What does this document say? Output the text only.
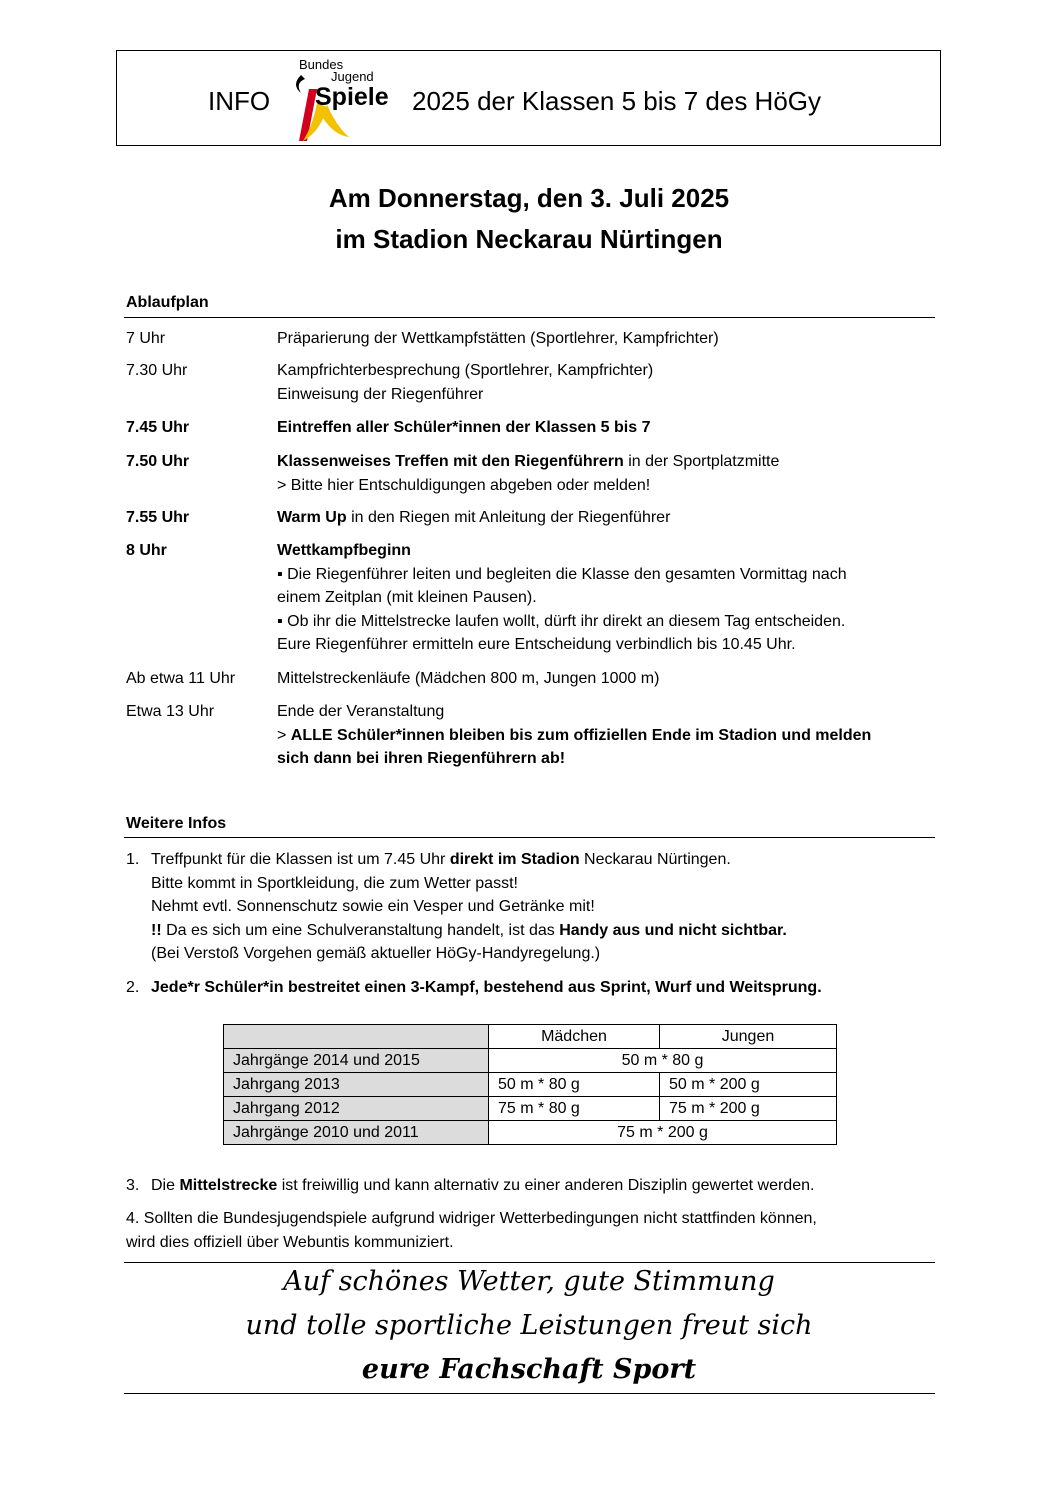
INFO
Bundes
Jugend
Spiele 2025 der Klassen 5 bis 7 des HöGy
Am Donnerstag, den 3. Juli 2025
im Stadion Neckarau Nürtingen
Ablaufplan
7 Uhr	Präparierung der Wettkampfstätten (Sportlehrer, Kampfrichter)
7.30 Uhr	Kampfrichterbesprechung (Sportlehrer, Kampfrichter)
Einweisung der Riegenführer
7.45 Uhr	Eintreffen aller Schüler*innen der Klassen 5 bis 7
7.50 Uhr	Klassenweises Treffen mit den Riegenführern in der Sportplatzmitte
> Bitte hier Entschuldigungen abgeben oder melden!
7.55 Uhr	Warm Up in den Riegen mit Anleitung der Riegenführer
8 Uhr	Wettkampfbeginn
▪ Die Riegenführer leiten und begleiten die Klasse den gesamten Vormittag nach
einem Zeitplan (mit kleinen Pausen).
▪ Ob ihr die Mittelstrecke laufen wollt, dürft ihr direkt an diesem Tag entscheiden.
Eure Riegenführer ermitteln eure Entscheidung verbindlich bis 10.45 Uhr.
Ab etwa 11 Uhr	Mittelstreckenläufe (Mädchen 800 m, Jungen 1000 m)
Etwa 13 Uhr	Ende der Veranstaltung
> ALLE Schüler*innen bleiben bis zum offiziellen Ende im Stadion und melden
sich dann bei ihren Riegenführern ab!
Weitere Infos
1. Treffpunkt für die Klassen ist um 7.45 Uhr direkt im Stadion Neckarau Nürtingen.
Bitte kommt in Sportkleidung, die zum Wetter passt!
Nehmt evtl. Sonnenschutz sowie ein Vesper und Getränke mit!
!! Da es sich um eine Schulveranstaltung handelt, ist das Handy aus und nicht sichtbar.
(Bei Verstoß Vorgehen gemäß aktueller HöGy-Handyregelung.)
2. Jede*r Schüler*in bestreitet einen 3-Kampf, bestehend aus Sprint, Wurf und Weitsprung.
	Mädchen	Jungen
Jahrgänge 2014 und 2015	50 m * 80 g	
Jahrgang 2013	50 m * 80 g	50 m * 200 g
Jahrgang 2012	75 m * 80 g	75 m * 200 g
Jahrgänge 2010 und 2011	75 m * 200 g	
3. Die Mittelstrecke ist freiwillig und kann alternativ zu einer anderen Disziplin gewertet werden.
4. Sollten die Bundesjugendspiele aufgrund widriger Wetterbedingungen nicht stattfinden können,
wird dies offiziell über Webuntis kommuniziert.
Auf schönes Wetter, gute Stimmung
und tolle sportliche Leistungen freut sich
eure Fachschaft Sport
